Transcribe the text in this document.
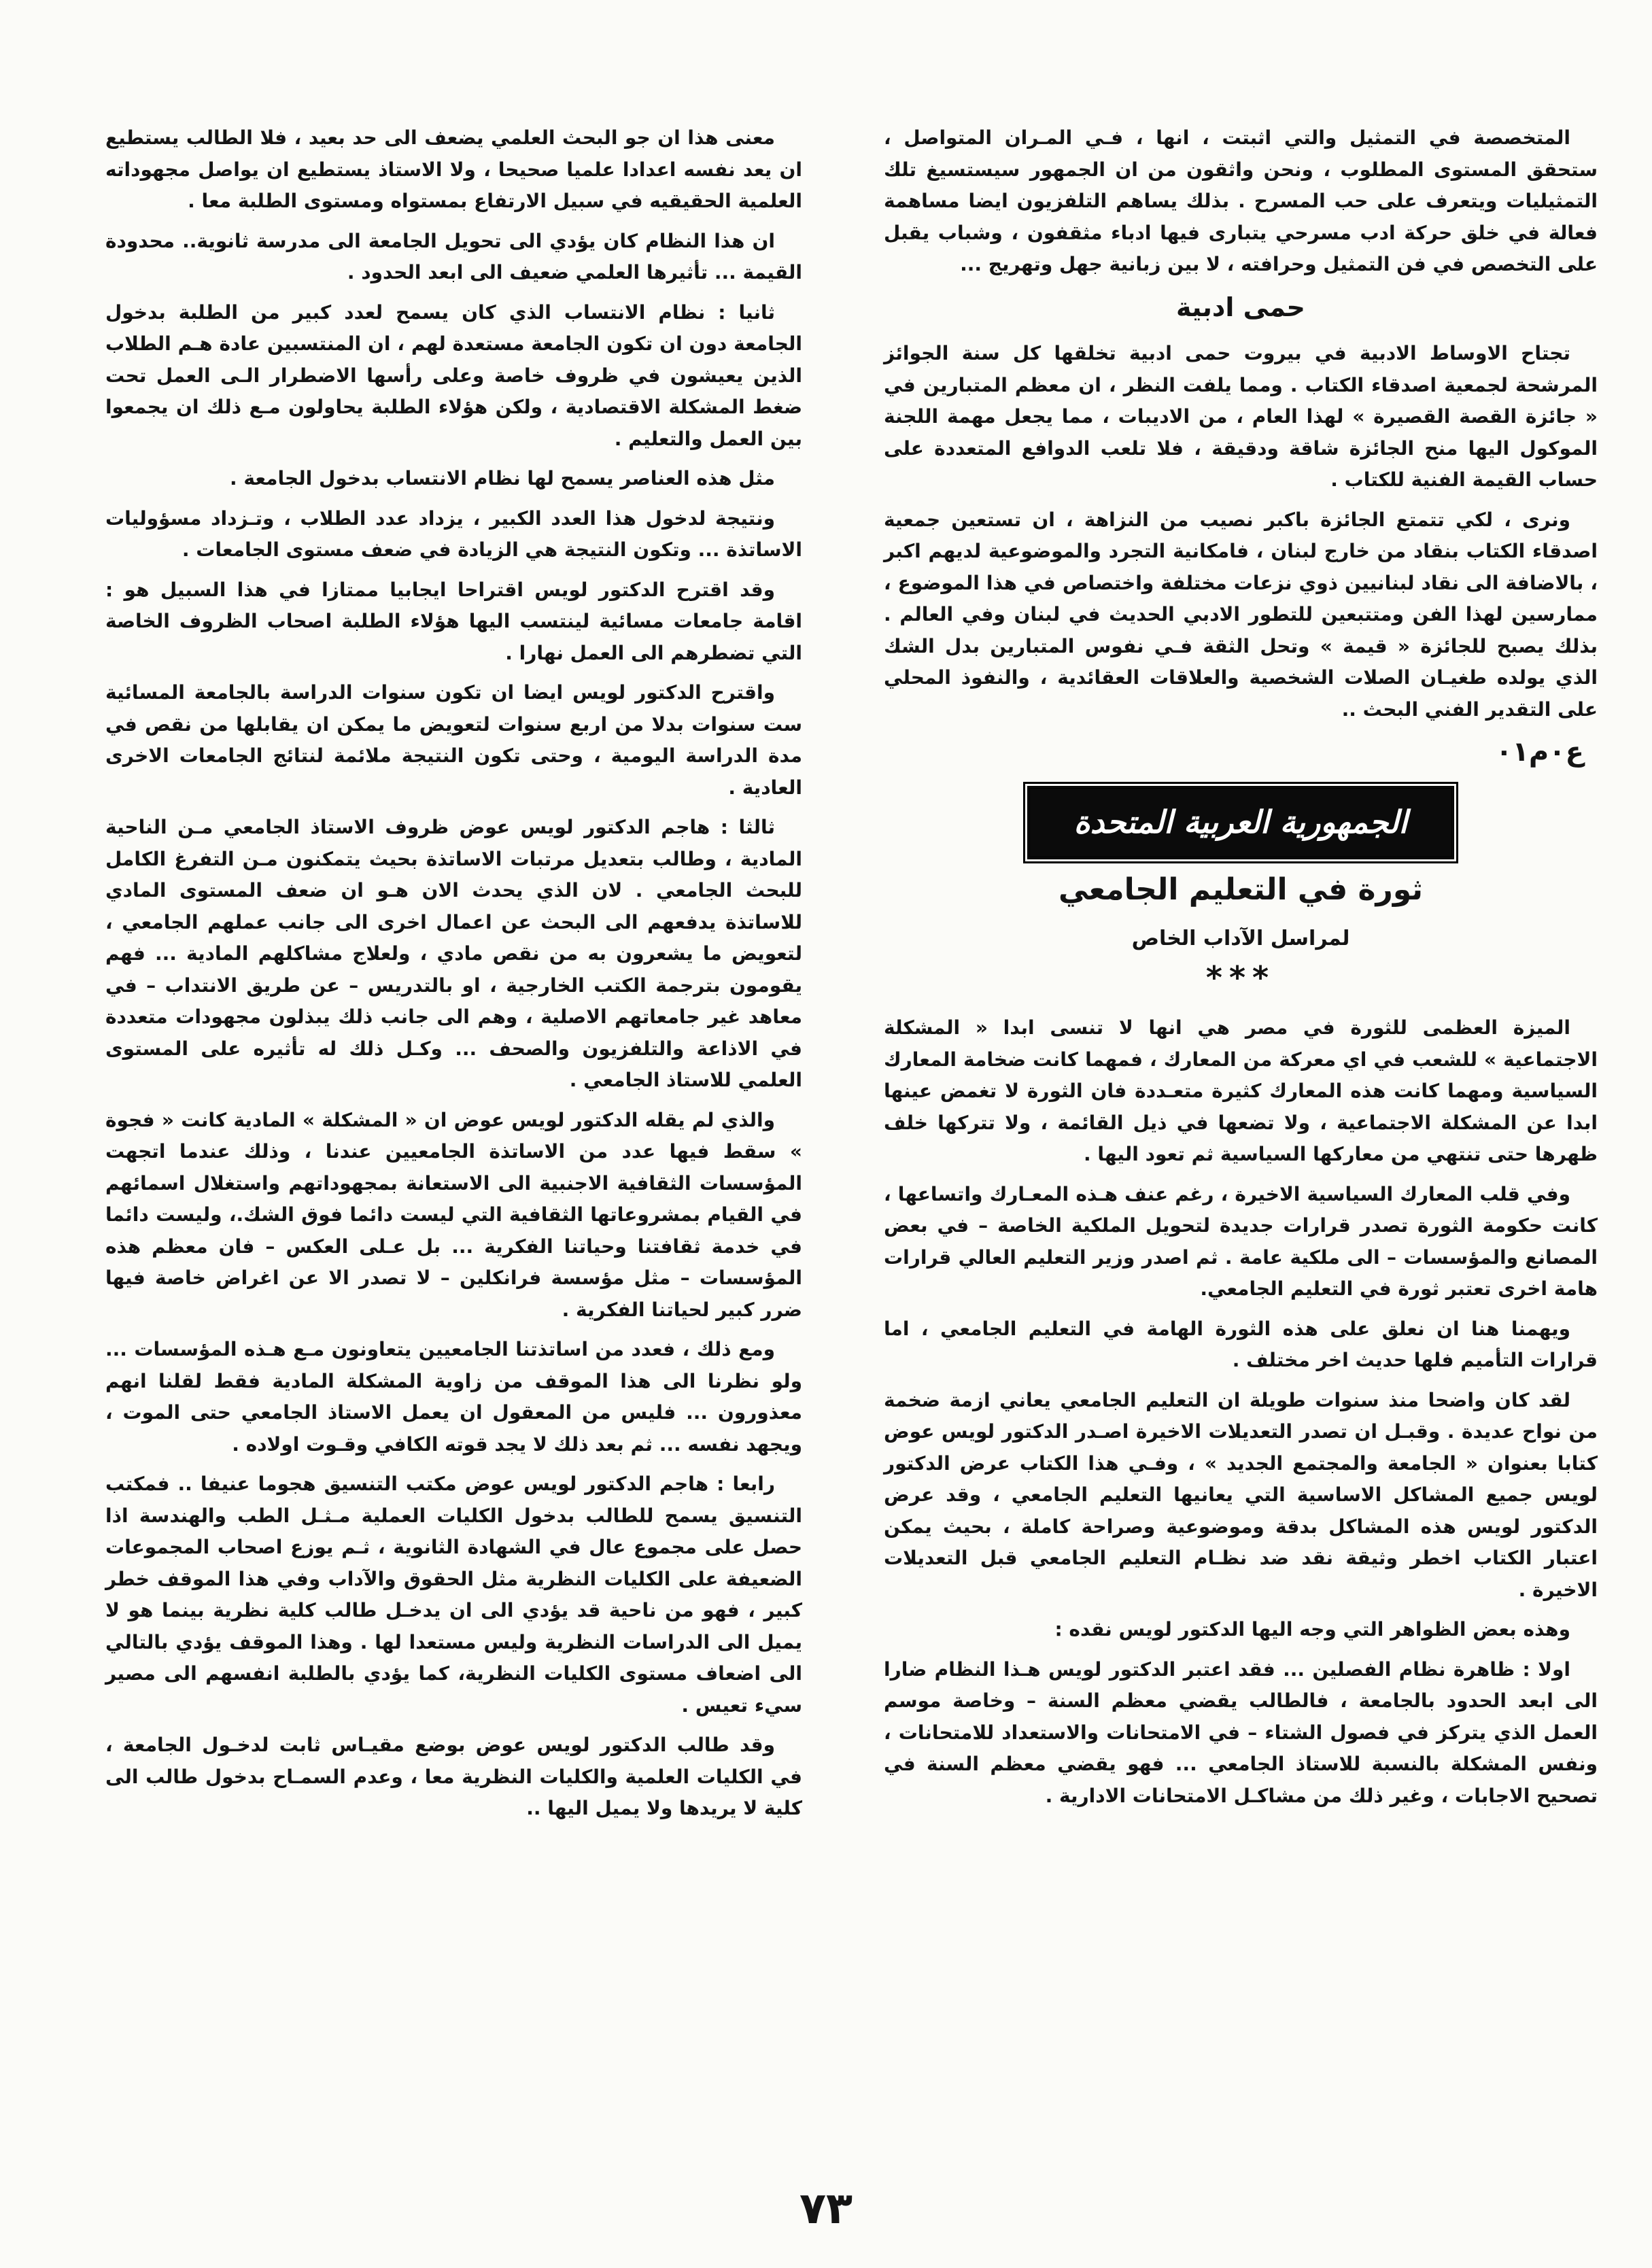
المتخصصة في التمثيل والتي اثبتت ، انها ، فـي المـران المتواصل ، ستحقق المستوى المطلوب ، ونحن واثقون من ان الجمهور سيستسيغ تلك التمثيليات ويتعرف على حب المسرح . بذلك يساهم التلفزيون ايضا مساهمة فعالة في خلق حركة ادب مسرحي يتبارى فيها ادباء مثقفون ، وشباب يقبل على التخصص في فن التمثيل وحرافته ، لا بين زبانية جهل وتهريج ...

حمى ادبية

تجتاح الاوساط الادبية في بيروت حمى ادبية تخلقها كل سنة الجوائز المرشحة لجمعية اصدقاء الكتاب . ومما يلفت النظر ، ان معظم المتبارين في « جائزة القصة القصيرة » لهذا العام ، من الاديبات ، مما يجعل مهمة اللجنة الموكول اليها منح الجائزة شاقة ودقيقة ، فلا تلعب الدوافع المتعددة على حساب القيمة الفنية للكتاب .

ونرى ، لكي تتمتع الجائزة باكبر نصيب من النزاهة ، ان تستعين جمعية اصدقاء الكتاب بنقاد من خارج لبنان ، فامكانية التجرد والموضوعية لديهم اكبر ، بالاضافة الى نقاد لبنانيين ذوي نزعات مختلفة واختصاص في هذا الموضوع ، ممارسين لهذا الفن ومتتبعين للتطور الادبي الحديث في لبنان وفي العالم . بذلك يصبح للجائزة « قيمة » وتحل الثقة فـي نفوس المتبارين بدل الشك الذي يولده طغيـان الصلات الشخصية والعلاقات العقائدية ، والنفوذ المحلي على التقدير الفني البحث ..

ع٠م٠١
الجمهورية العربية المتحدة
ثورة في التعليم الجامعي
لمراسل الآداب الخاص
***

الميزة العظمى للثورة في مصر هي انها لا تنسى ابدا « المشكلة الاجتماعية » للشعب في اي معركة من المعارك ، فمهما كانت ضخامة المعارك السياسية ومهما كانت هذه المعارك كثيرة متعـددة فان الثورة لا تغمض عينها ابدا عن المشكلة الاجتماعية ، ولا تضعها في ذيل القائمة ، ولا تتركها خلف ظهرها حتى تنتهي من معاركها السياسية ثم تعود اليها .

وفي قلب المعارك السياسية الاخيرة ، رغم عنف هـذه المعـارك واتساعها ، كانت حكومة الثورة تصدر قرارات جديدة لتحويل الملكية الخاصة – في بعض المصانع والمؤسسات – الى ملكية عامة . ثم اصدر وزير التعليم العالي قرارات هامة اخرى تعتبر ثورة في التعليم الجامعي.

ويهمنا هنا ان نعلق على هذه الثورة الهامة في التعليم الجامعي ، اما قرارات التأميم فلها حديث اخر مختلف .

لقد كان واضحا منذ سنوات طويلة ان التعليم الجامعي يعاني ازمة ضخمة من نواح عديدة . وقبـل ان تصدر التعديلات الاخيرة اصـدر الدكتور لويس عوض كتابا بعنوان « الجامعة والمجتمع الجديد » ، وفـي هذا الكتاب عرض الدكتور لويس جميع المشاكل الاساسية التي يعانيها التعليم الجامعي ، وقد عرض الدكتور لويس هذه المشاكل بدقة وموضوعية وصراحة كاملة ، بحيث يمكن اعتبار الكتاب اخطر وثيقة نقد ضد نظـام التعليم الجامعي قبل التعديلات الاخيرة .

وهذه بعض الظواهر التي وجه اليها الدكتور لويس نقده :

اولا : ظاهرة نظام الفصلين ... فقد اعتبر الدكتور لويس هـذا النظام ضارا الى ابعد الحدود بالجامعة ، فالطالب يقضي معظم السنة – وخاصة موسم العمل الذي يتركز في فصول الشتاء – في الامتحانات والاستعداد للامتحانات ، ونفس المشكلة بالنسبة للاستاذ الجامعي ... فهو يقضي معظم السنة في تصحيح الاجابات ، وغير ذلك من مشاكـل الامتحانات الادارية .

معنى هذا ان جو البحث العلمي يضعف الى حد بعيد ، فلا الطالب يستطيع ان يعد نفسه اعدادا علميا صحيحا ، ولا الاستاذ يستطيع ان يواصل مجهوداته العلمية الحقيقيه في سبيل الارتفاع بمستواه ومستوى الطلبة معا .

ان هذا النظام كان يؤدي الى تحويل الجامعة الى مدرسة ثانوية.. محدودة القيمة ... تأثيرها العلمي ضعيف الى ابعد الحدود .

ثانيا : نظام الانتساب الذي كان يسمح لعدد كبير من الطلبة بدخول الجامعة دون ان تكون الجامعة مستعدة لهم ، ان المنتسبين عادة هـم الطلاب الذين يعيشون في ظروف خاصة وعلى رأسها الاضطرار الـى العمل تحت ضغط المشكلة الاقتصادية ، ولكن هؤلاء الطلبة يحاولون مـع ذلك ان يجمعوا بين العمل والتعليم .

مثل هذه العناصر يسمح لها نظام الانتساب بدخول الجامعة .

ونتيجة لدخول هذا العدد الكبير ، يزداد عدد الطلاب ، وتـزداد مسؤوليات الاساتذة ... وتكون النتيجة هي الزيادة في ضعف مستوى الجامعات .

وقد اقترح الدكتور لويس اقتراحا ايجابيا ممتازا في هذا السبيل هو : اقامة جامعات مسائية لينتسب اليها هؤلاء الطلبة اصحاب الظروف الخاصة التي تضطرهم الى العمل نهارا .

واقترح الدكتور لويس ايضا ان تكون سنوات الدراسة بالجامعة المسائية ست سنوات بدلا من اربع سنوات لتعويض ما يمكن ان يقابلها من نقص في مدة الدراسة اليومية ، وحتى تكون النتيجة ملائمة لنتائج الجامعات الاخرى العادية .

ثالثا : هاجم الدكتور لويس عوض ظروف الاستاذ الجامعي مـن الناحية المادية ، وطالب بتعديل مرتبات الاساتذة بحيث يتمكنون مـن التفرغ الكامل للبحث الجامعي . لان الذي يحدث الان هـو ان ضعف المستوى المادي للاساتذة يدفعهم الى البحث عن اعمال اخرى الى جانب عملهم الجامعي ، لتعويض ما يشعرون به من نقص مادي ، ولعلاج مشاكلهم المادية ... فهم يقومون بترجمة الكتب الخارجية ، او بالتدريس – عن طريق الانتداب – في معاهد غير جامعاتهم الاصلية ، وهم الى جانب ذلك يبذلون مجهودات متعددة في الاذاعة والتلفزيون والصحف ... وكـل ذلك له تأثيره على المستوى العلمي للاستاذ الجامعي .

والذي لم يقله الدكتور لويس عوض ان « المشكلة » المادية كانت « فجوة » سقط فيها عدد من الاساتذة الجامعيين عندنا ، وذلك عندما اتجهت المؤسسات الثقافية الاجنبية الى الاستعانة بمجهوداتهم واستغلال اسمائهم في القيام بمشروعاتها الثقافية التي ليست دائما فوق الشك.، وليست دائما في خدمة ثقافتنا وحياتنا الفكرية ... بل عـلى العكس – فان معظم هذه المؤسسات – مثل مؤسسة فرانكلين – لا تصدر الا عن اغراض خاصة فيها ضرر كبير لحياتنا الفكرية .

ومع ذلك ، فعدد من اساتذتنا الجامعيين يتعاونون مـع هـذه المؤسسات ... ولو نظرنا الى هذا الموقف من زاوية المشكلة المادية فقط لقلنا انهم معذورون ... فليس من المعقول ان يعمل الاستاذ الجامعي حتى الموت ، ويجهد نفسه ... ثم بعد ذلك لا يجد قوته الكافي وقـوت اولاده .

رابعا : هاجم الدكتور لويس عوض مكتب التنسيق هجوما عنيفا .. فمكتب التنسيق يسمح للطالب بدخول الكليات العملية مـثـل الطب والهندسة اذا حصل على مجموع عال في الشهادة الثانوية ، ثـم يوزع اصحاب المجموعات الضعيفة على الكليات النظرية مثل الحقوق والآداب وفي هذا الموقف خطر كبير ، فهو من ناحية قد يؤدي الى ان يدخـل طالب كلية نظرية بينما هو لا يميل الى الدراسات النظرية وليس مستعدا لها . وهذا الموقف يؤدي بالتالي الى اضعاف مستوى الكليات النظرية، كما يؤدي بالطلبة انفسهم الى مصير سيء تعيس .

وقد طالب الدكتور لويس عوض بوضع مقيـاس ثابت لدخـول الجامعة ، في الكليات العلمية والكليات النظرية معا ، وعدم السمـاح بدخول طالب الى كلية لا يريدها ولا يميل اليها ..

٧٣
